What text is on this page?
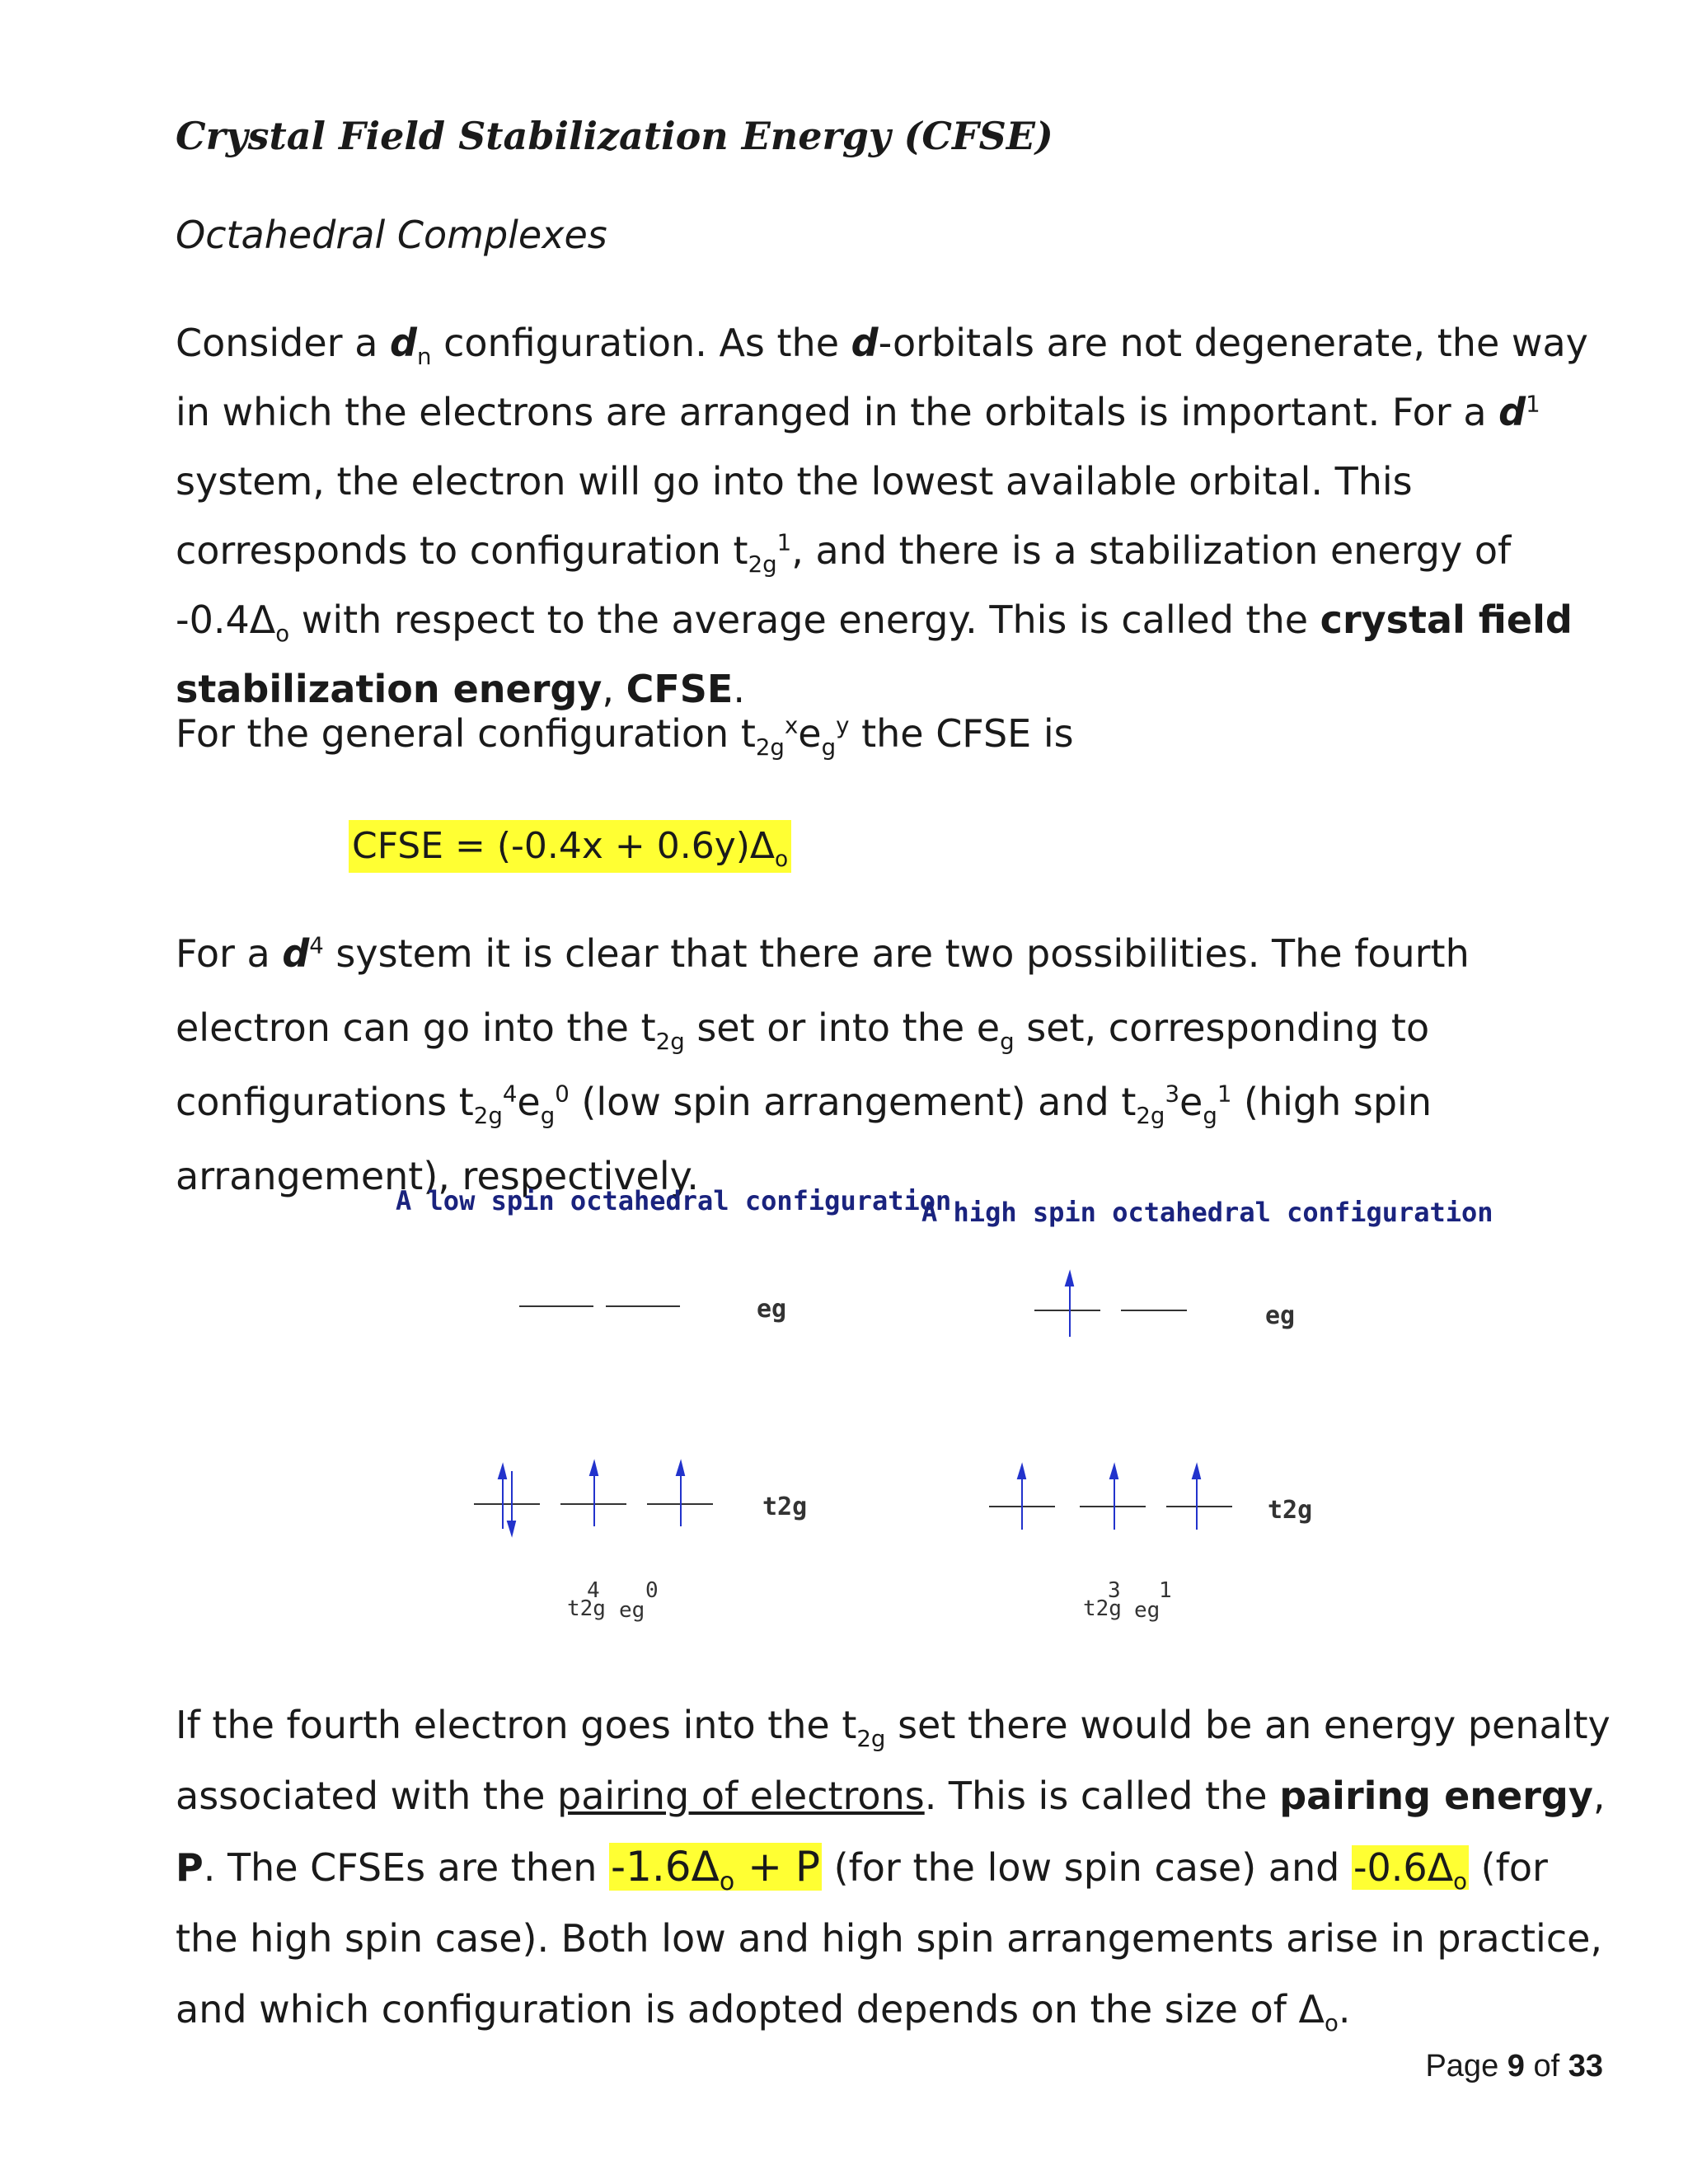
Crystal Field Stabilization Energy (CFSE)
Octahedral Complexes
Consider a $d_n$ configuration. As the d-orbitals are not degenerate, the way in which the electrons are arranged in the orbitals is important. For a $d^1$ system, the electron will go into the lowest available orbital. This corresponds to configuration $t_{2g}^1$, and there is a stabilization energy of $-0.4\Delta_o$ with respect to the average energy. This is called the crystal field stabilization energy, CFSE.
For the general configuration $t_{2g}^xe_g^y$ the CFSE is
CFSE = $(-0.4x + 0.6y)\Delta_o$
For a $d^4$ system it is clear that there are two possibilities. The fourth electron can go into the $t_{2g}$ set or into the $e_g$ set, corresponding to configurations $t_{2g}^4e_g^0$ (low spin arrangement) and $t_{2g}^3e_g^1$ (high spin arrangement), respectively.
A low spin octahedral configuration
eg
t2g
t2g
4
eg
0
A high spin octahedral configuration
eg
t2g
t2g
3
eg
1
If the fourth electron goes into the $t_{2g}$ set there would be an energy penalty associated with the pairing of electrons. This is called the pairing energy, P. The CFSEs are then $-1.6\Delta_o + P$ (for the low spin case) and $-0.6\Delta_o$ (for the high spin case). Both low and high spin arrangements arise in practice, and which configuration is adopted depends on the size of $\Delta_o$.
Page 9 of 33
